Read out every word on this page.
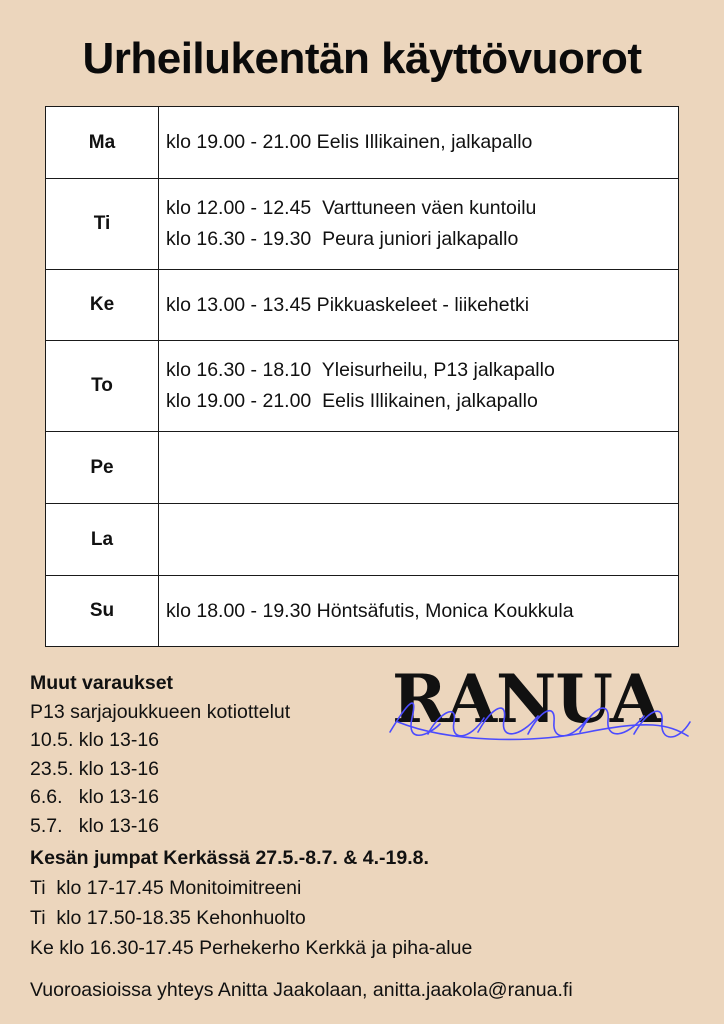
Urheilukentän käyttövuorot
Ma	klo 19.00 - 21.00 Eelis Illikainen, jalkapallo

Ti	klo 12.00 - 12.45  Varttuneen väen kuntoilu
klo 16.30 - 19.30  Peura juniori jalkapallo

Ke	klo 13.00 - 13.45 Pikkuaskeleet - liikehetki

To	klo 16.30 - 18.10  Yleisurheilu, P13 jalkapallo
klo 19.00 - 21.00  Eelis Illikainen, jalkapallo

Pe	
La	
Su	klo 18.00 - 19.30 Höntsäfutis, Monica Koukkula
Muut varaukset
P13 sarjajoukkueen kotiottelut
10.5. klo 13-16
23.5. klo 13-16
6.6.   klo 13-16
5.7.   klo 13-16
RANUA
Kesän jumpat Kerkässä 27.5.-8.7. & 4.-19.8.
Ti  klo 17-17.45 Monitoimitreeni
Ti  klo 17.50-18.35 Kehonhuolto
Ke klo 16.30-17.45 Perhekerho Kerkkä ja piha-alue
Vuoroasioissa yhteys Anitta Jaakolaan, anitta.jaakola@ranua.fi
